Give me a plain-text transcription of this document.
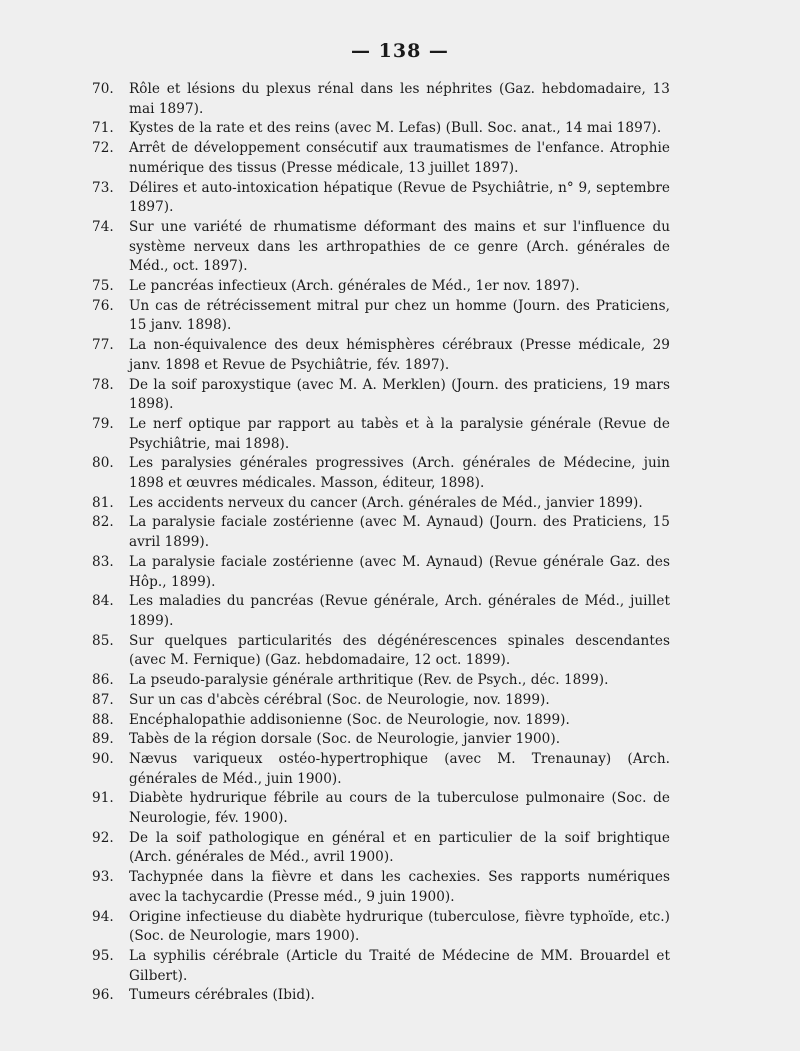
— 138 —
70.	Rôle et lésions du plexus rénal dans les néphrites (Gaz. hebdomadaire, 13 mai 1897).
71.	Kystes de la rate et des reins (avec M. Lefas) (Bull. Soc. anat., 14 mai 1897).
72.	Arrêt de développement consécutif aux traumatismes de l'enfance. Atrophie numérique des tissus (Presse médicale, 13 juillet 1897).
73.	Délires et auto-intoxication hépatique (Revue de Psychiâtrie, n° 9, septembre 1897).
74.	Sur une variété de rhumatisme déformant des mains et sur l'influence du système nerveux dans les arthropathies de ce genre (Arch. générales de Méd., oct. 1897).
75.	Le pancréas infectieux (Arch. générales de Méd., 1er nov. 1897).
76.	Un cas de rétrécissement mitral pur chez un homme (Journ. des Praticiens, 15 janv. 1898).
77.	La non-équivalence des deux hémisphères cérébraux (Presse médicale, 29 janv. 1898 et Revue de Psychiâtrie, fév. 1897).
78.	De la soif paroxystique (avec M. A. Merklen) (Journ. des praticiens, 19 mars 1898).
79.	Le nerf optique par rapport au tabès et à la paralysie générale (Revue de Psychiâtrie, mai 1898).
80.	Les paralysies générales progressives (Arch. générales de Médecine, juin 1898 et œuvres médicales. Masson, éditeur, 1898).
81.	Les accidents nerveux du cancer (Arch. générales de Méd., janvier 1899).
82.	La paralysie faciale zostérienne (avec M. Aynaud) (Journ. des Praticiens, 15 avril 1899).
83.	La paralysie faciale zostérienne (avec M. Aynaud) (Revue générale Gaz. des Hôp., 1899).
84.	Les maladies du pancréas (Revue générale, Arch. générales de Méd., juillet 1899).
85.	Sur quelques particularités des dégénérescences spinales descendantes (avec M. Fernique) (Gaz. hebdomadaire, 12 oct. 1899).
86.	La pseudo-paralysie générale arthritique (Rev. de Psych., déc. 1899).
87.	Sur un cas d'abcès cérébral (Soc. de Neurologie, nov. 1899).
88.	Encéphalopathie addisonienne (Soc. de Neurologie, nov. 1899).
89.	Tabès de la région dorsale (Soc. de Neurologie, janvier 1900).
90.	Nævus variqueux ostéo-hypertrophique (avec M. Trenaunay) (Arch. générales de Méd., juin 1900).
91.	Diabète hydrurique fébrile au cours de la tuberculose pulmonaire (Soc. de Neurologie, fév. 1900).
92.	De la soif pathologique en général et en particulier de la soif brightique (Arch. générales de Méd., avril 1900).
93.	Tachypnée dans la fièvre et dans les cachexies. Ses rapports numériques avec la tachycardie (Presse méd., 9 juin 1900).
94.	Origine infectieuse du diabète hydrurique (tuberculose, fièvre typhoïde, etc.) (Soc. de Neurologie, mars 1900).
95.	La syphilis cérébrale (Article du Traité de Médecine de MM. Brouardel et Gilbert).
96.	Tumeurs cérébrales (Ibid).
